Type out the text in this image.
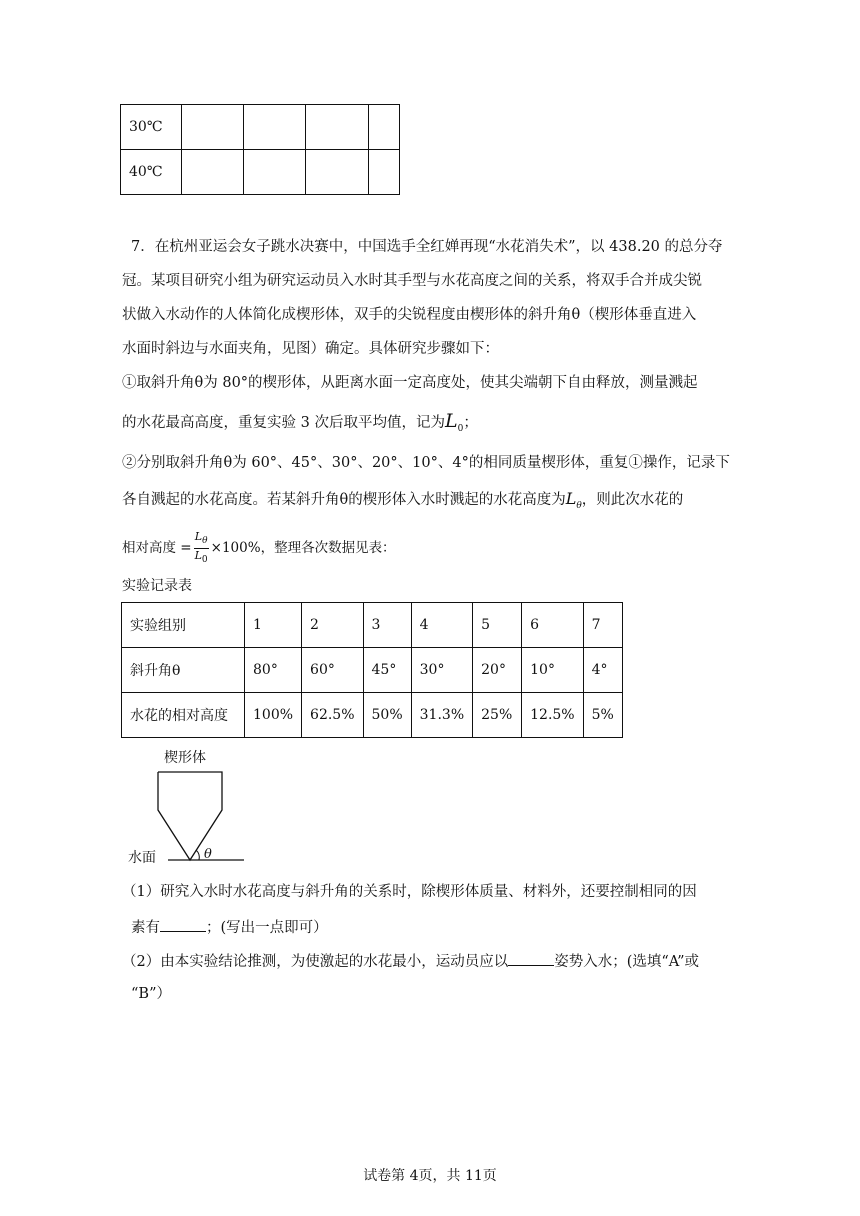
30℃				
40℃				
7．在杭州亚运会女子跳水决赛中，中国选手全红婵再现“水花消失术”，以 438.20 的总分夺
冠。某项目研究小组为研究运动员入水时其手型与水花高度之间的关系，将双手合并成尖锐
状做入水动作的人体简化成楔形体，双手的尖锐程度由楔形体的斜升角θ（楔形体垂直进入
水面时斜边与水面夹角，见图）确定。具体研究步骤如下：
①取斜升角θ为 80°的楔形体，从距离水面一定高度处，使其尖端朝下自由释放，测量溅起
的水花最高高度，重复实验 3 次后取平均值，记为$L_0$；
②分别取斜升角θ为 60°、45°、30°、20°、10°、4°的相同质量楔形体，重复①操作，记录下
各自溅起的水花高度。若某斜升角θ的楔形体入水时溅起的水花高度为$L_\theta$，则此次水花的
相对高度 = $\frac{L_\theta}{L_0} \times 100\%$，整理各次数据见表：
实验记录表
实验组别	1	2	3	4	5	6	7
斜升角θ	80°	60°	45°	30°	20°	10°	4°
水花的相对高度	100%	62.5%	50%	31.3%	25%	12.5%	5%
楔形体
水面	θ
（1）研究入水时水花高度与斜升角的关系时，除楔形体质量、材料外，还要控制相同的因
素有	；(写出一点即可）
（2）由本实验结论推测，为使激起的水花最小，运动员应以	姿势入水；(选填“A”或
“B”）
试卷第 4页，共 11页
